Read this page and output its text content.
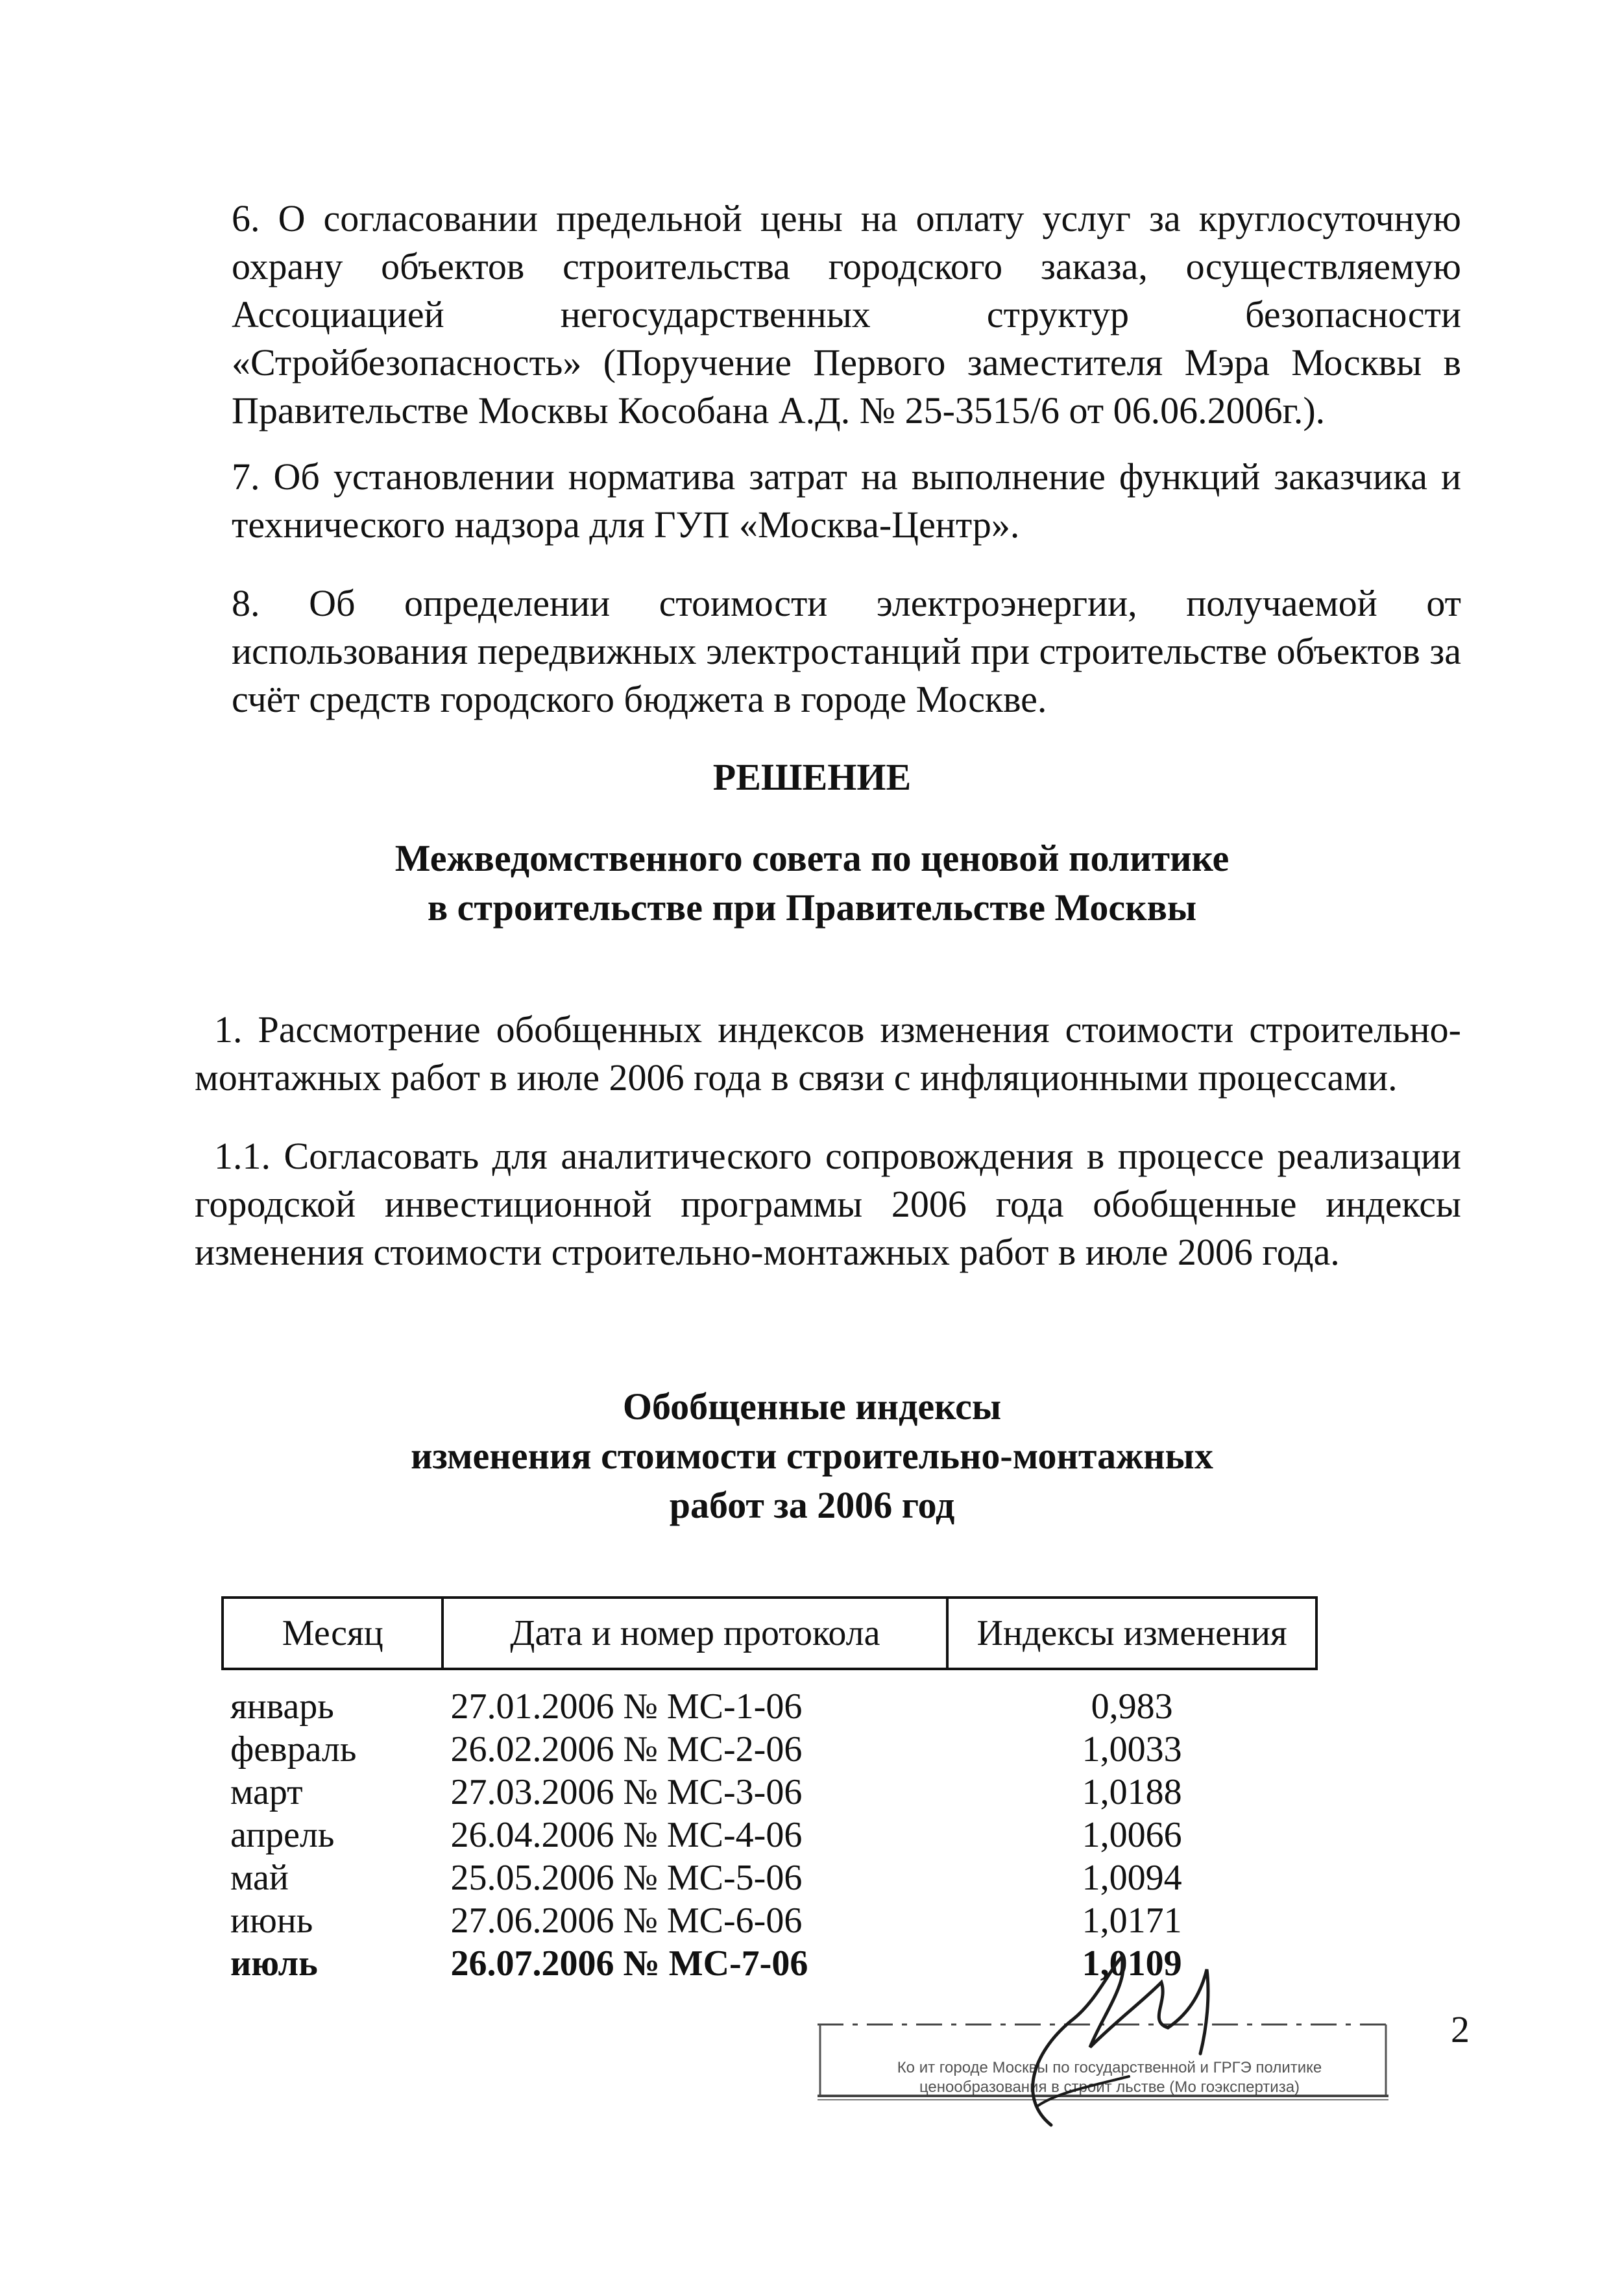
6. О согласовании предельной цены на оплату услуг за круглосуточную охрану объектов строительства городского заказа, осуществляемую Ассоциацией негосударственных структур безопасности «Стройбезопасность» (Поручение Первого заместителя Мэра Москвы в Правительстве Москвы Кособана А.Д. № 25-3515/6 от 06.06.2006г.).

7. Об установлении норматива затрат на выполнение функций заказчика и технического надзора для ГУП «Москва-Центр».

8. Об определении стоимости электроэнергии, получаемой от использования передвижных электростанций при строительстве объектов за счёт средств городского бюджета в городе Москве.

РЕШЕНИЕ

Межведомственного совета по ценовой политике

в строительстве при Правительстве Москвы

1. Рассмотрение обобщенных индексов изменения стоимости строительно-монтажных работ в июле 2006 года в связи с инфляционными процессами.

1.1. Согласовать для аналитического сопровождения в процессе реализации городской инвестиционной программы 2006 года обобщенные индексы изменения стоимости строительно-монтажных работ в июле 2006 года.

Обобщенные индексы

изменения стоимости строительно-монтажных

работ за 2006 год

Месяц	Дата и номер протокола	Индексы изменения
январь	27.01.2006 № МС-1-06	0,983
февраль	26.02.2006 № МС-2-06	1,0033
март	27.03.2006 № МС-3-06	1,0188
апрель	26.04.2006 № МС-4-06	1,0066
май	25.05.2006 № МС-5-06	1,0094
июнь	27.06.2006 № МС-6-06	1,0171
июль	26.07.2006 № МС-7-06	1,0109

Ко ит городе Москвы по государственной и ГРГЭ политике
ценообразования в строит льстве (Мо гоэкспертиза)

2
